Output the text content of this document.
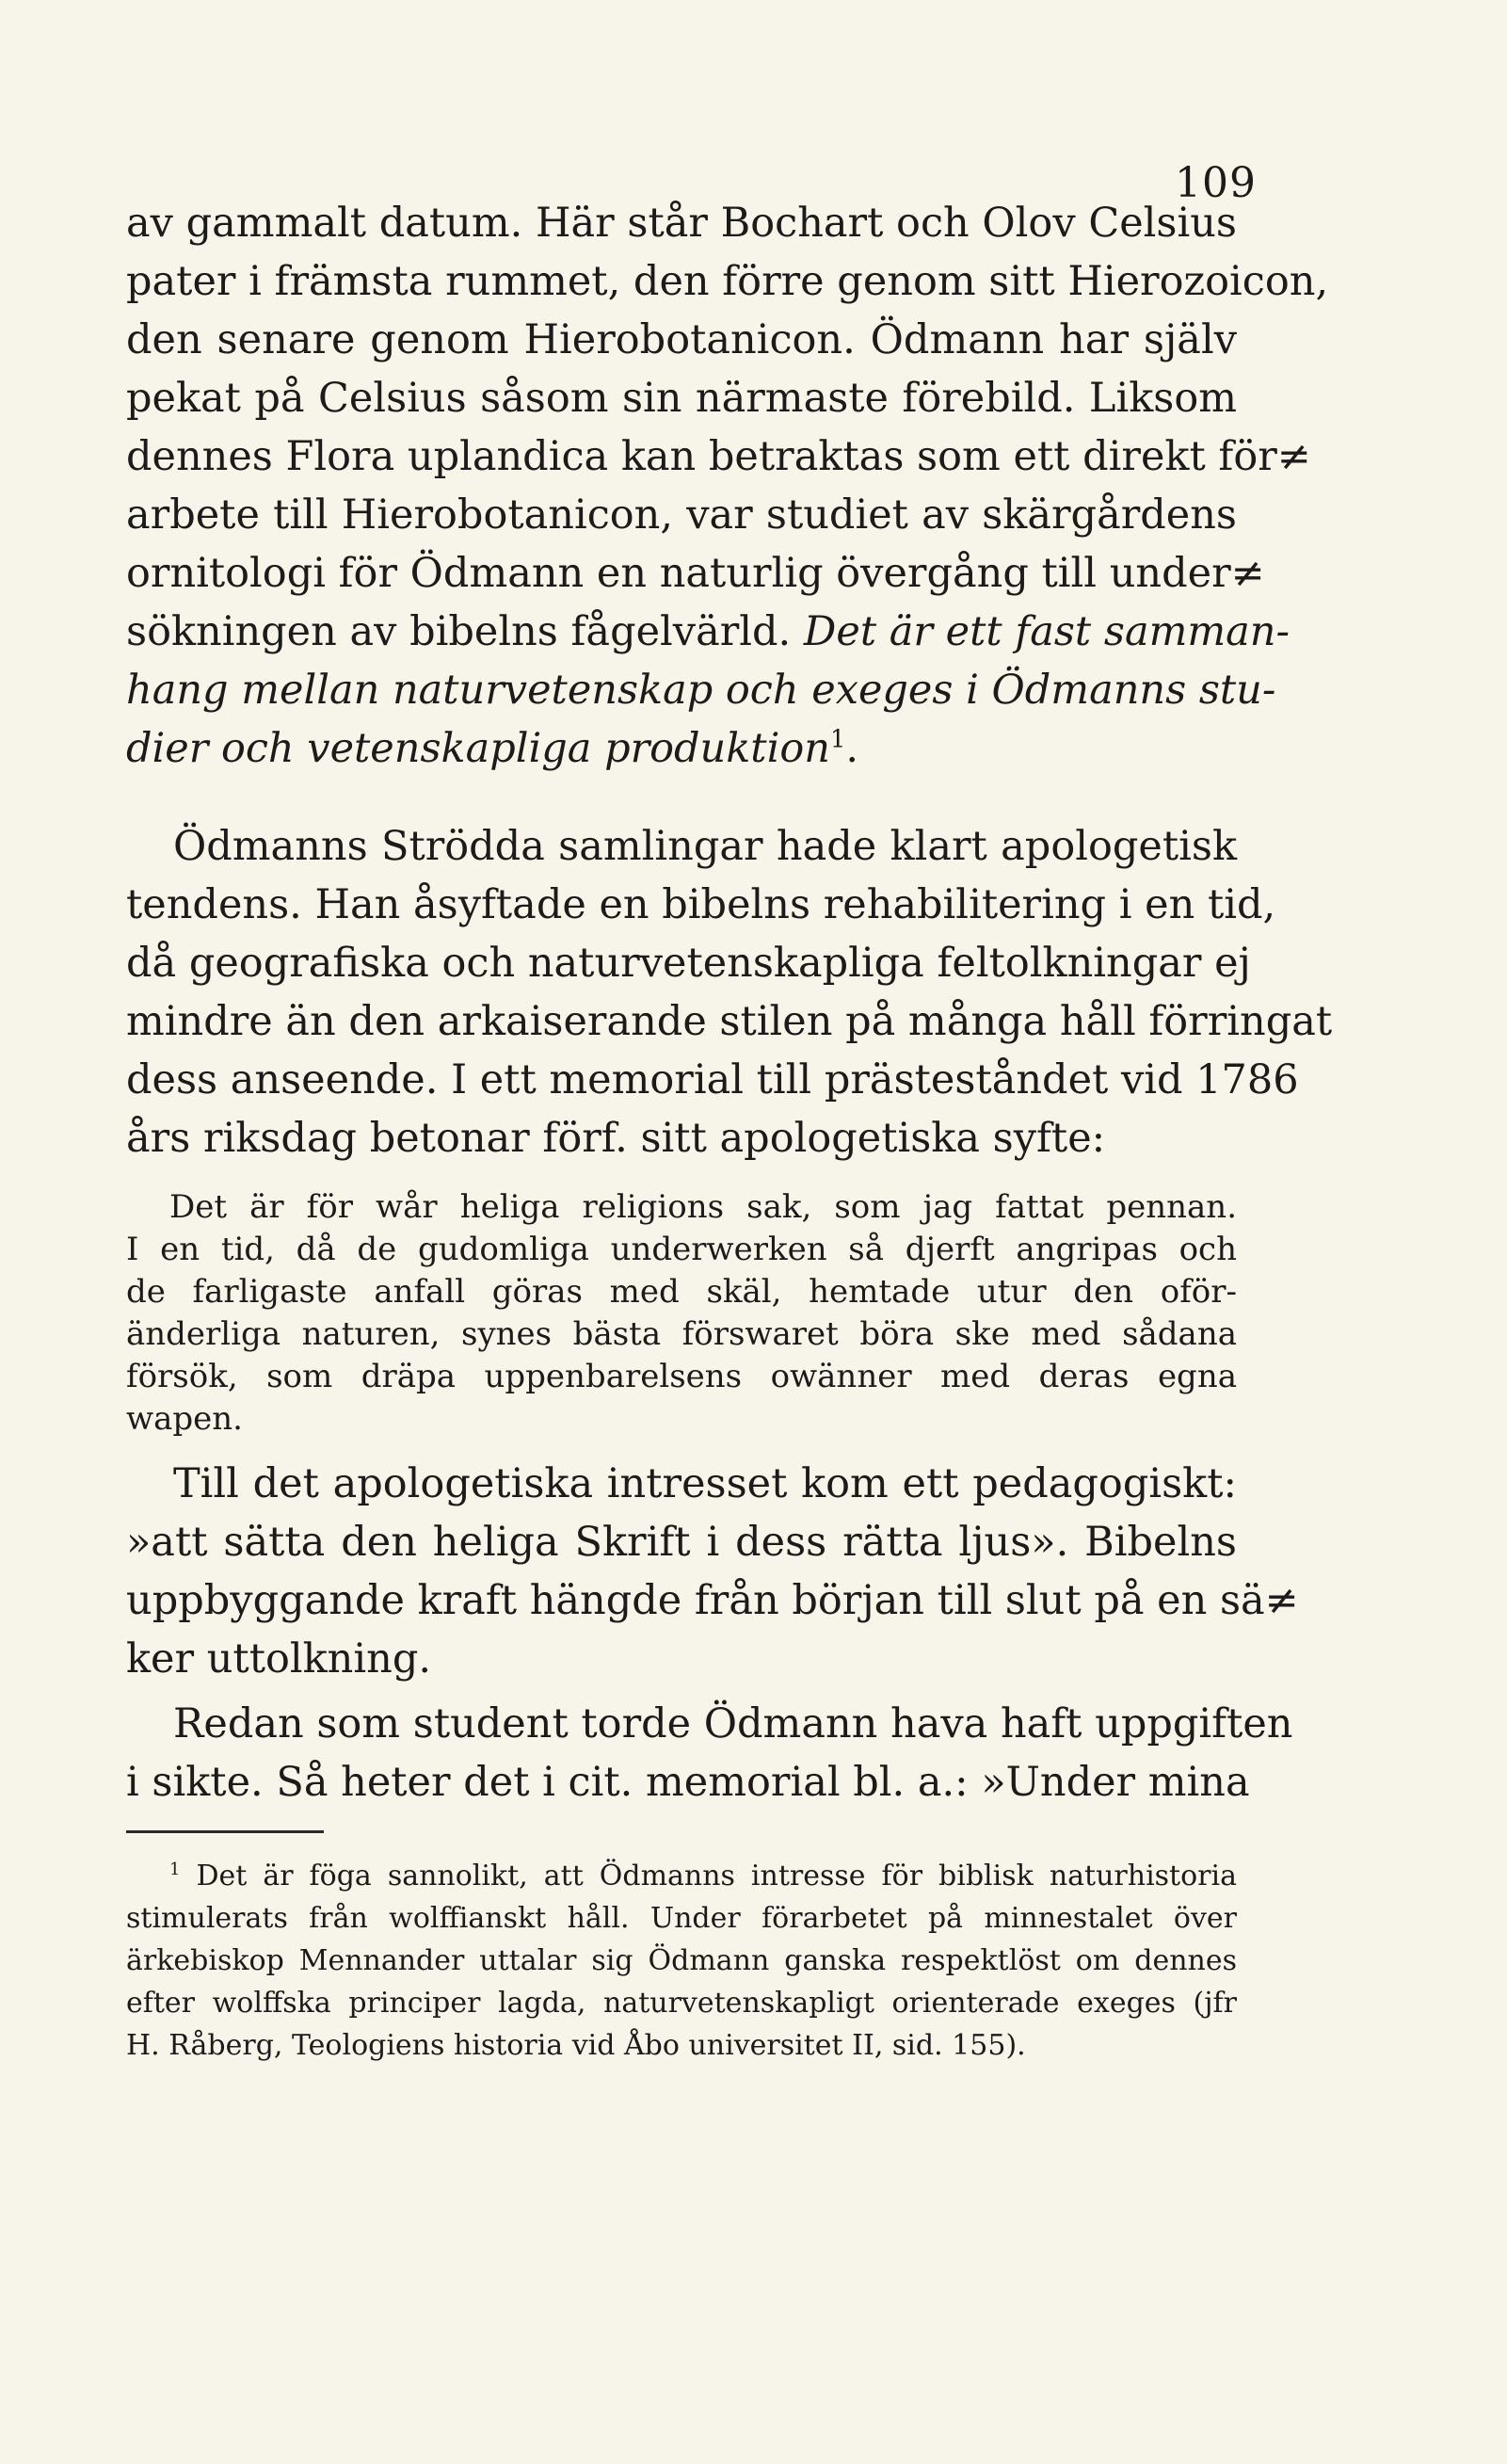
109
av gammalt datum. Här står Bochart och Olov Celsius
pater i främsta rummet, den förre genom sitt Hierozoicon,
den senare genom Hierobotanicon. Ödmann har själv
pekat på Celsius såsom sin närmaste förebild. Liksom
dennes Flora uplandica kan betraktas som ett direkt för≠
arbete till Hierobotanicon, var studiet av skärgårdens
ornitologi för Ödmann en naturlig övergång till under≠
sökningen av bibelns fågelvärld. Det är ett fast samman-
hang mellan naturvetenskap och exeges i Ödmanns stu-
dier och vetenskapliga produktion$^1$.
Ödmanns Strödda samlingar hade klart apologetisk
tendens. Han åsyftade en bibelns rehabilitering i en tid,
då geografiska och naturvetenskapliga feltolkningar ej
mindre än den arkaiserande stilen på många håll förringat
dess anseende. I ett memorial till prästeståndet vid 1786
års riksdag betonar förf. sitt apologetiska syfte:
Det är för wår heliga religions sak, som jag fattat pennan.
I en tid, då de gudomliga underwerken så djerft angripas och
de farligaste anfall göras med skäl, hemtade utur den oför-
änderliga naturen, synes bästa förswaret böra ske med sådana
försök, som dräpa uppenbarelsens owänner med deras egna
wapen.
Till det apologetiska intresset kom ett pedagogiskt:
»att sätta den heliga Skrift i dess rätta ljus». Bibelns
uppbyggande kraft hängde från början till slut på en sä≠
ker uttolkning.
Redan som student torde Ödmann hava haft uppgiften
i sikte. Så heter det i cit. memorial bl. a.: »Under mina
$^1$ Det är föga sannolikt, att Ödmanns intresse för biblisk naturhistoria
stimulerats från wolffianskt håll. Under förarbetet på minnestalet över
ärkebiskop Mennander uttalar sig Ödmann ganska respektlöst om dennes
efter wolffska principer lagda, naturvetenskapligt orienterade exeges (jfr
H. Råberg, Teologiens historia vid Åbo universitet II, sid. 155).
